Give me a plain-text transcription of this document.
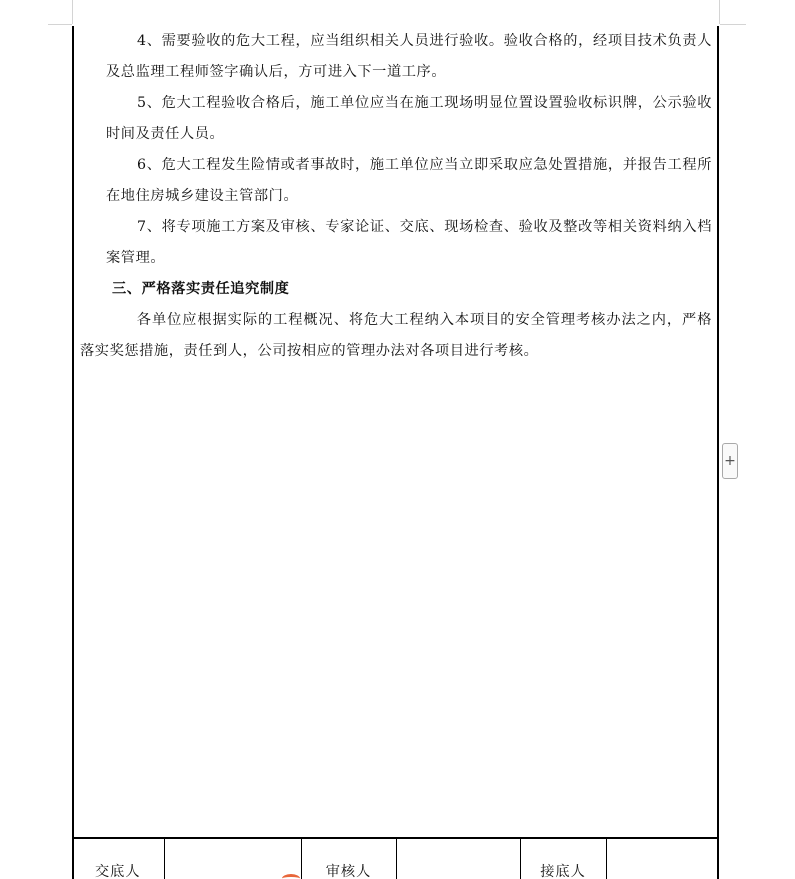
4、需要验收的危大工程，应当组织相关人员进行验收。验收合格的，经项目技术负责人及总监理工程师签字确认后，方可进入下一道工序。

5、危大工程验收合格后，施工单位应当在施工现场明显位置设置验收标识牌，公示验收时间及责任人员。

6、危大工程发生险情或者事故时，施工单位应当立即采取应急处置措施，并报告工程所在地住房城乡建设主管部门。

7、将专项施工方案及审核、专家论证、交底、现场检查、验收及整改等相关资料纳入档案管理。

三、严格落实责任追究制度

各单位应根据实际的工程概况、将危大工程纳入本项目的安全管理考核办法之内，严格落实奖惩措施，责任到人，公司按相应的管理办法对各项目进行考核。

交底人		审核人		接底人

+
